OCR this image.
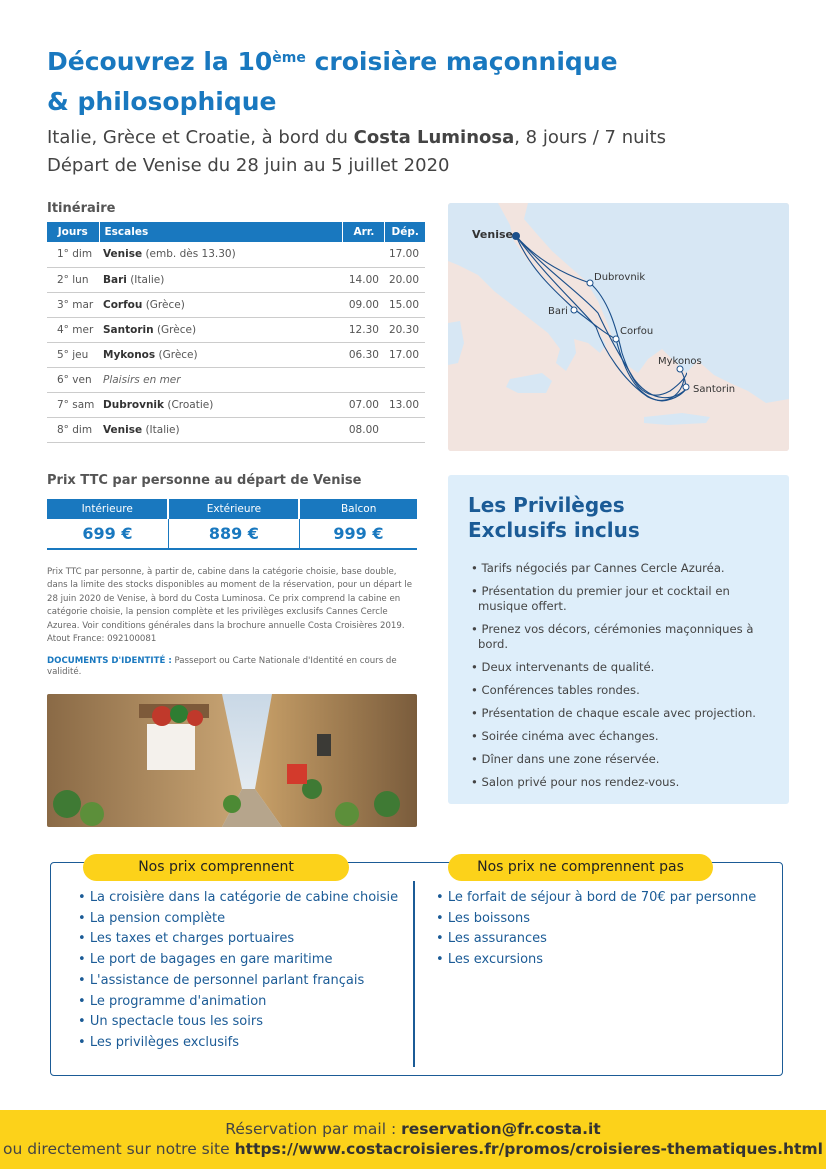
Découvrez la 10ème croisière maçonnique
& philosophique
Italie, Grèce et Croatie, à bord du Costa Luminosa, 8 jours / 7 nuits
Départ de Venise du 28 juin au 5 juillet 2020
Itinéraire
Jours	Escales	Arr.	Dép.
1° dim	Venise (emb. dès 13.30)		17.00
2° lun	Bari (Italie)	14.00	20.00
3° mar	Corfou (Grèce)	09.00	15.00
4° mer	Santorin (Grèce)	12.30	20.30
5° jeu	Mykonos (Grèce)	06.30	17.00
6° ven	Plaisirs en mer		
7° sam	Dubrovnik (Croatie)	07.00	13.00
8° dim	Venise (Italie)	08.00	
Venise
Dubrovnik
Bari
Corfou
Mykonos
Santorin
Prix TTC par personne au départ de Venise
Intérieure	Extérieure	Balcon
699 €	889 €	999 €
Prix TTC par personne, à partir de, cabine dans la catégorie choisie, base double, dans la limite des stocks disponibles au moment de la réservation, pour un départ le 28 juin 2020 de Venise, à bord du Costa Luminosa. Ce prix comprend la cabine en catégorie choisie, la pension complète et les privilèges exclusifs Cannes Cercle Azurea. Voir conditions générales dans la brochure annuelle Costa Croisières 2019. Atout France: 092100081
DOCUMENTS D'IDENTITÉ : Passeport ou Carte Nationale d'Identité en cours de validité.
Les Privilèges
Exclusifs inclus
• Tarifs négociés par Cannes Cercle Azuréa.
• Présentation du premier jour et cocktail en musique offert.
• Prenez vos décors, cérémonies maçonniques à bord.
• Deux intervenants de qualité.
• Conférences tables rondes.
• Présentation de chaque escale avec projection.
• Soirée cinéma avec échanges.
• Dîner dans une zone réservée.
• Salon privé pour nos rendez-vous.
Nos prix comprennent	Nos prix ne comprennent pas
• La croisière dans la catégorie de cabine choisie
• La pension complète
• Les taxes et charges portuaires
• Le port de bagages en gare maritime
• L'assistance de personnel parlant français
• Le programme d'animation
• Un spectacle tous les soirs
• Les privilèges exclusifs
• Le forfait de séjour à bord de 70€ par personne
• Les boissons
• Les assurances
• Les excursions
Réservation par mail : reservation@fr.costa.it
ou directement sur notre site https://www.costacroisieres.fr/promos/croisieres-thematiques.html
